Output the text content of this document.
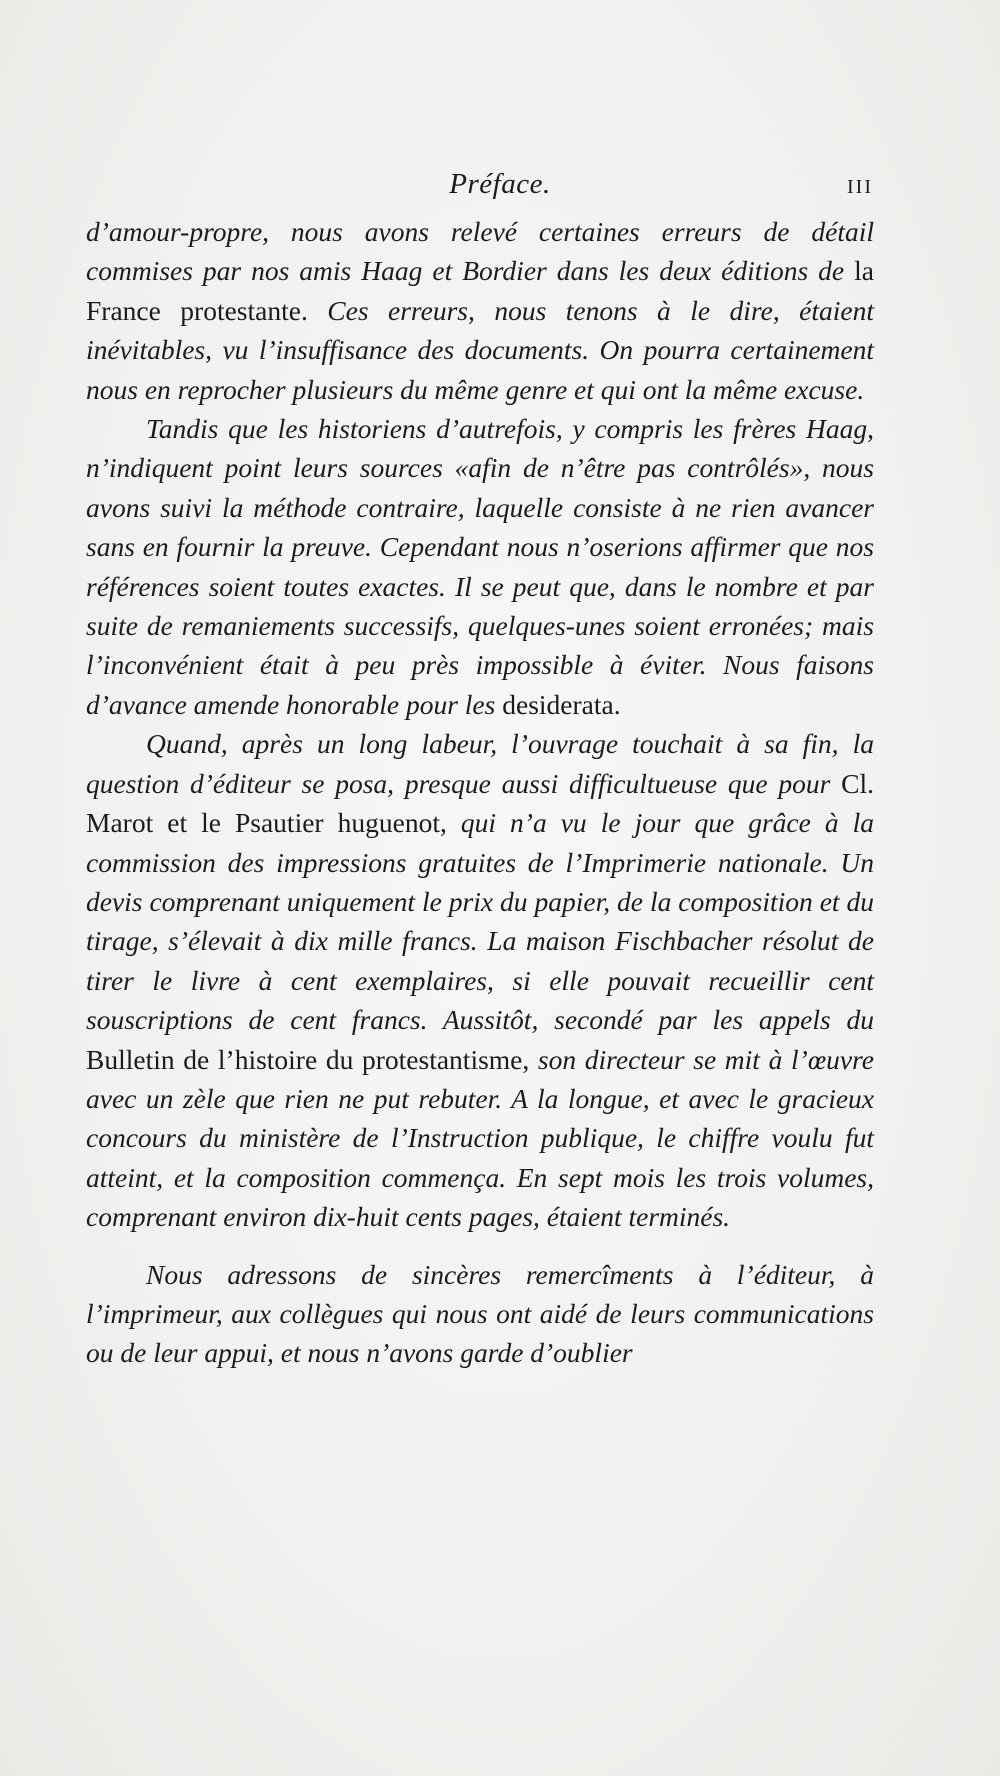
Préface.	III

d’amour-propre, nous avons relevé certaines erreurs de détail commises par nos amis Haag et Bordier dans les deux éditions de la France protestante. Ces erreurs, nous tenons à le dire, étaient inévitables, vu l’insuffisance des documents. On pourra certainement nous en reprocher plusieurs du même genre et qui ont la même excuse.

Tandis que les historiens d’autrefois, y compris les frères Haag, n’indiquent point leurs sources «afin de n’être pas contrôlés», nous avons suivi la méthode contraire, laquelle consiste à ne rien avancer sans en fournir la preuve. Cependant nous n’oserions affirmer que nos références soient toutes exactes. Il se peut que, dans le nombre et par suite de remaniements successifs, quelques-unes soient erronées; mais l’inconvénient était à peu près impossible à éviter. Nous faisons d’avance amende honorable pour les desiderata.

Quand, après un long labeur, l’ouvrage touchait à sa fin, la question d’éditeur se posa, presque aussi difficultueuse que pour Cl. Marot et le Psautier huguenot, qui n’a vu le jour que grâce à la commission des impressions gratuites de l’Imprimerie nationale. Un devis comprenant uniquement le prix du papier, de la composition et du tirage, s’élevait à dix mille francs. La maison Fischbacher résolut de tirer le livre à cent exemplaires, si elle pouvait recueillir cent souscriptions de cent francs. Aussitôt, secondé par les appels du Bulletin de l’histoire du protestantisme, son directeur se mit à l’œuvre avec un zèle que rien ne put rebuter. A la longue, et avec le gracieux concours du ministère de l’Instruction publique, le chiffre voulu fut atteint, et la composition commença. En sept mois les trois volumes, comprenant environ dix-huit cents pages, étaient terminés.

Nous adressons de sincères remercîments à l’éditeur, à l’imprimeur, aux collègues qui nous ont aidé de leurs communications ou de leur appui, et nous n’avons garde d’oublier
